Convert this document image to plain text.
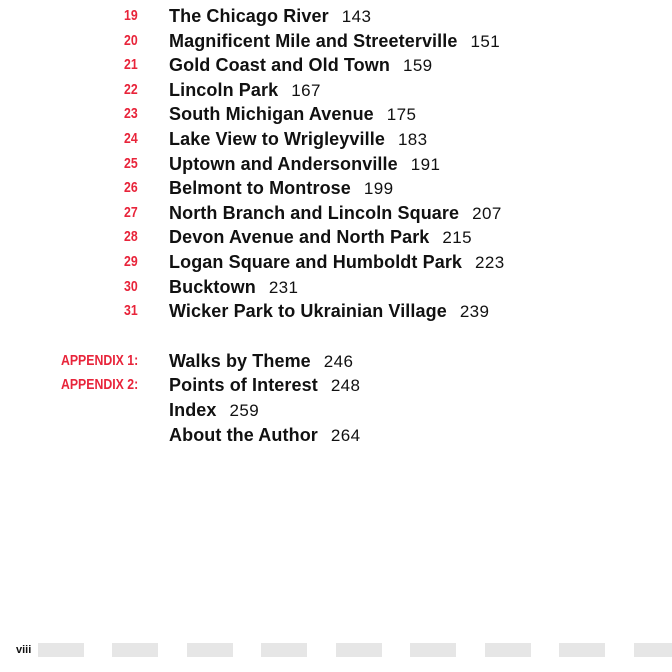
19 The Chicago River 143
20 Magnificent Mile and Streeterville 151
21 Gold Coast and Old Town 159
22 Lincoln Park 167
23 South Michigan Avenue 175
24 Lake View to Wrigleyville 183
25 Uptown and Andersonville 191
26 Belmont to Montrose 199
27 North Branch and Lincoln Square 207
28 Devon Avenue and North Park 215
29 Logan Square and Humboldt Park 223
30 Bucktown 231
31 Wicker Park to Ukrainian Village 239
APPENDIX 1: Walks by Theme 246
APPENDIX 2: Points of Interest 248
Index 259
About the Author 264
viii
